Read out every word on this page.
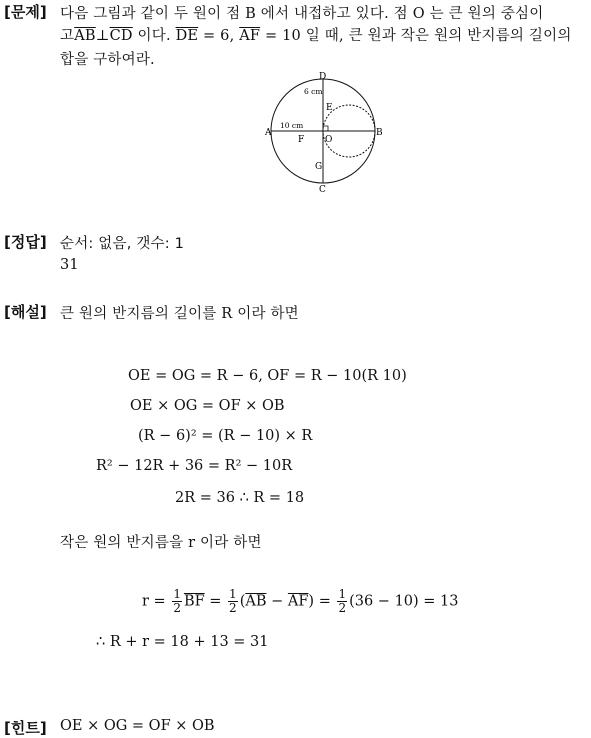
[문제] 다음 그림과 같이 두 원이 점 B 에서 내접하고 있다. 점 O 는 큰 원의 중심이
고$\overline{AB}\perp\overline{CD}$ 이다. $\overline{DE} = 6$, $\overline{AF} = 10$ 일 때, 큰 원과 작은 원의 반지름의 길이의
합을 구하여라.
D
6 cm
E
A
10 cm
F O
B
G
C
[정답] 순서: 없음, 갯수: 1
31
[해설] 큰 원의 반지름의 길이를 R 이라 하면
OE = OG = R − 6, OF = R − 10(R 10)
OE × OG = OF × OB
(R − 6)² = (R − 10) × R
R² − 12R + 36 = R² − 10R
2R = 36 ∴ R = 18
작은 원의 반지름을 r 이라 하면
$r = \frac{1}{2} \overline{BF} = \frac{1}{2} (\overline{AB} - \overline{AF}) = \frac{1}{2} (36 - 10) = 13$
∴ R + r = 18 + 13 = 31
[힌트] OE × OG = OF × OB
